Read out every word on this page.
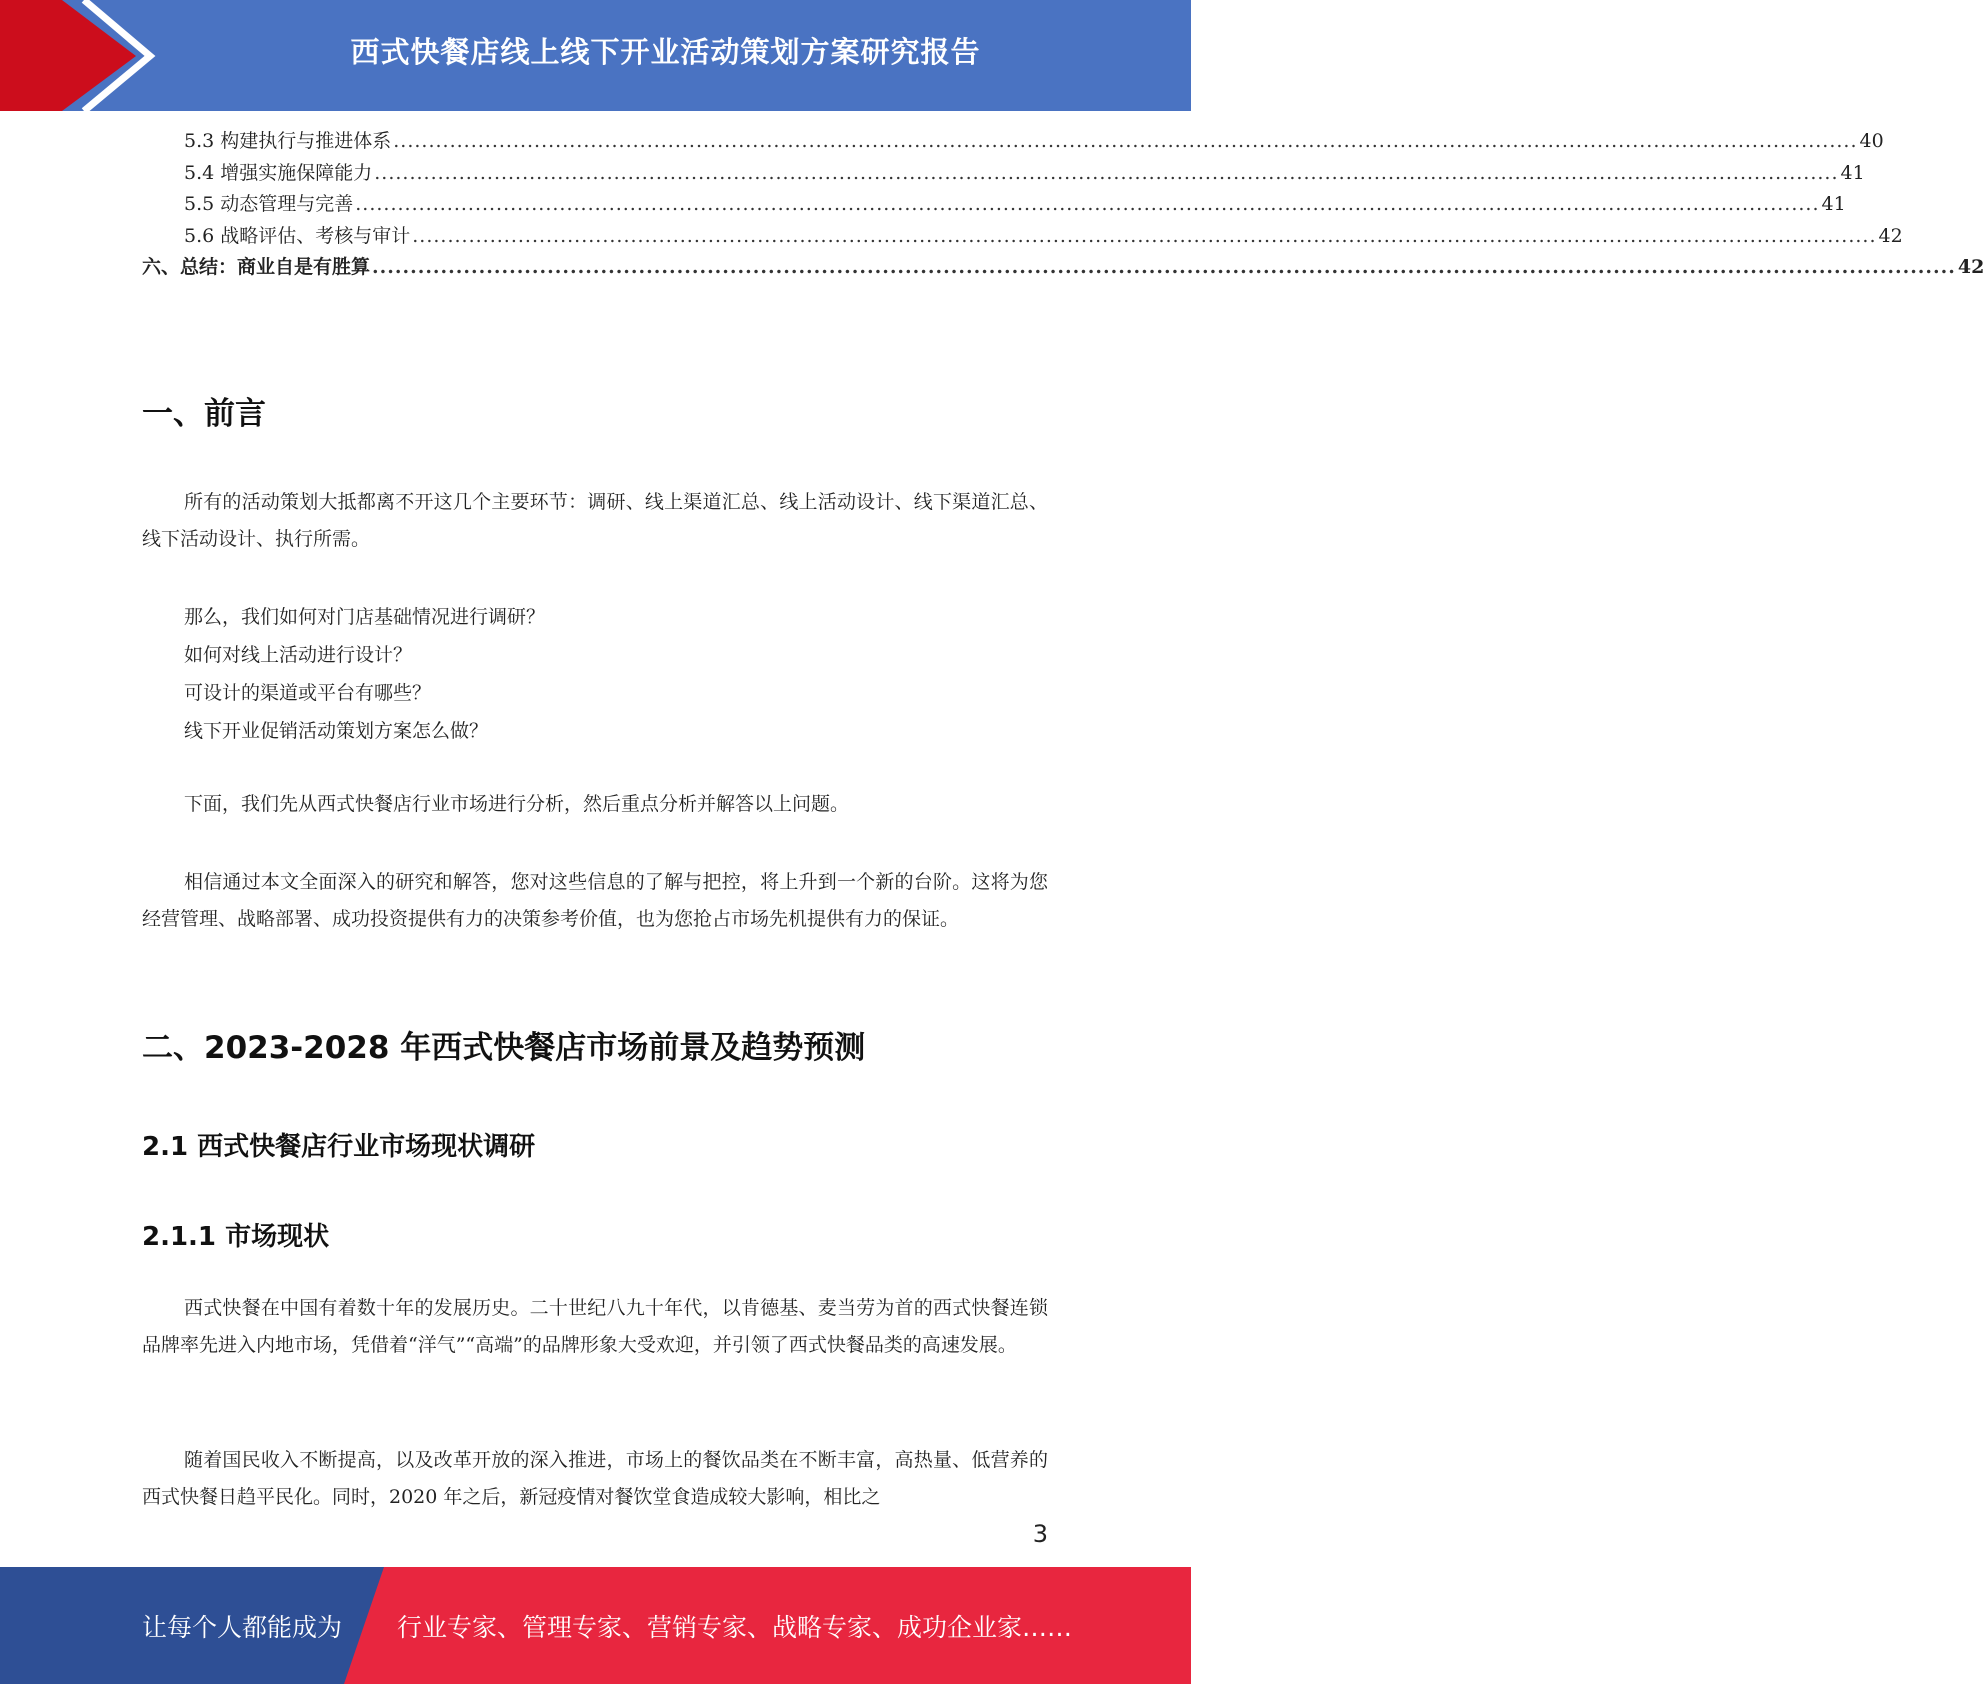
西式快餐店线上线下开业活动策划方案研究报告
5.3 构建执行与推进体系 ................................................................................................................................................................................................................ 40
5.4 增强实施保障能力 ................................................................................................................................................................................................................ 41
5.5 动态管理与完善 ................................................................................................................................................................................................................ 41
5.6 战略评估、考核与审计 ................................................................................................................................................................................................................ 42
六、总结：商业自是有胜算 ................................................................................................................................................................................................................ 42
一、前言

所有的活动策划大抵都离不开这几个主要环节：调研、线上渠道汇总、线上活动设计、线下渠道汇总、线下活动设计、执行所需。

那么，我们如何对门店基础情况进行调研？
如何对线上活动进行设计？
可设计的渠道或平台有哪些？
线下开业促销活动策划方案怎么做？

下面，我们先从西式快餐店行业市场进行分析，然后重点分析并解答以上问题。

相信通过本文全面深入的研究和解答，您对这些信息的了解与把控，将上升到一个新的台阶。这将为您经营管理、战略部署、成功投资提供有力的决策参考价值，也为您抢占市场先机提供有力的保证。

二、2023-2028 年西式快餐店市场前景及趋势预测
2.1 西式快餐店行业市场现状调研
2.1.1 市场现状

西式快餐在中国有着数十年的发展历史。二十世纪八九十年代，以肯德基、麦当劳为首的西式快餐连锁品牌率先进入内地市场，凭借着“洋气”“高端”的品牌形象大受欢迎，并引领了西式快餐品类的高速发展。

随着国民收入不断提高，以及改革开放的深入推进，市场上的餐饮品类在不断丰富，高热量、低营养的西式快餐日趋平民化。同时，2020 年之后，新冠疫情对餐饮堂食造成较大影响，相比之

3
让每个人都能成为 行业专家、管理专家、营销专家、战略专家、成功企业家……
